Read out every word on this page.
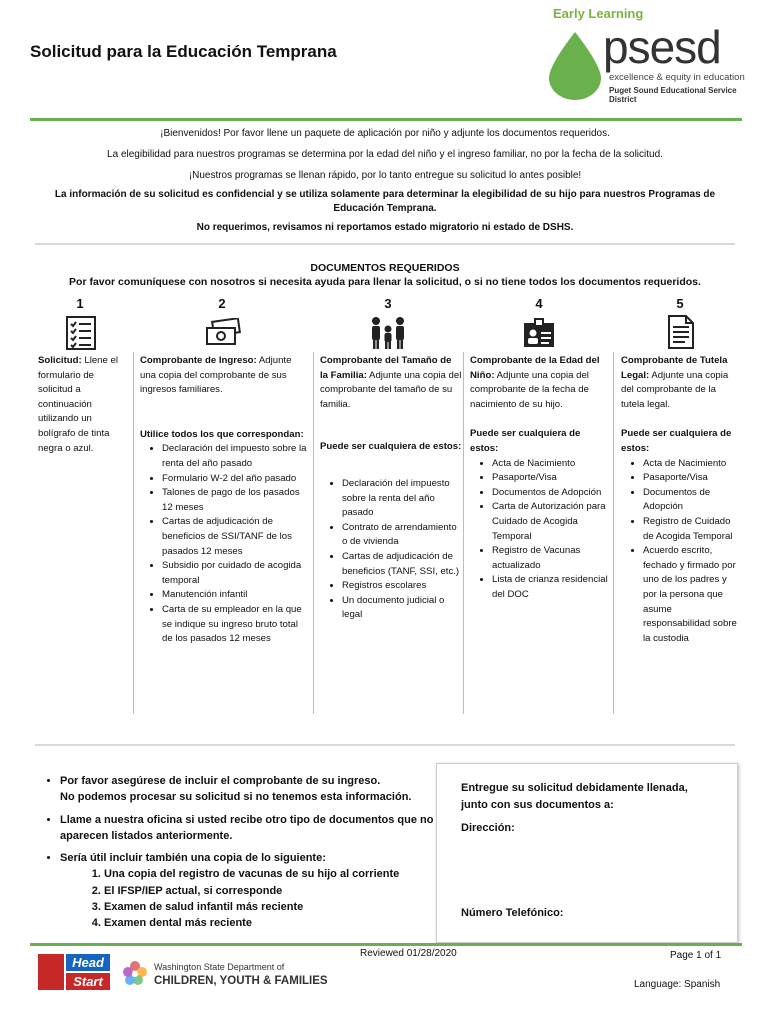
Solicitud para la Educación Temprana
Early Learning
psesd
excellence & equity in education
Puget Sound Educational Service District
¡Bienvenidos! Por favor llene un paquete de aplicación por niño y adjunte los documentos requeridos.
La elegibilidad para nuestros programas se determina por la edad del niño y el ingreso familiar, no por la fecha de la solicitud.
¡Nuestros programas se llenan rápido, por lo tanto entregue su solicitud lo antes posible!
La información de su solicitud es confidencial y se utiliza solamente para determinar la elegibilidad de su hijo para nuestros Programas de
Educación Temprana.
No requerimos, revisamos ni reportamos estado migratorio ni estado de DSHS.
DOCUMENTOS REQUERIDOS
Por favor comuníquese con nosotros si necesita ayuda para llenar la solicitud, o si no tiene todos los documentos requeridos.
1	2	3	4	5

Solicitud: Llene el formulario de solicitud a continuación utilizando un bolígrafo de tinta negra o azul.

Comprobante de Ingreso: Adjunte una copia del comprobante de sus ingresos familiares.

Utilice todos los que correspondan:

• Declaración del impuesto sobre la renta del año pasado
• Formulario W-2 del año pasado
• Talones de pago de los pasados 12 meses
• Cartas de adjudicación de beneficios de SSI/TANF de los pasados 12 meses
• Subsidio por cuidado de acogida temporal
• Manutención infantil
• Carta de su empleador en la que se indique su ingreso bruto total de los pasados 12 meses

Comprobante del Tamaño de la Familia: Adjunte una copia del comprobante del tamaño de su familia.

Puede ser cualquiera de estos:

• Declaración del impuesto sobre la renta del año pasado
• Contrato de arrendamiento o de vivienda
• Cartas de adjudicación de beneficios (TANF, SSI, etc.)
• Registros escolares
• Un documento judicial o legal

Comprobante de la Edad del Niño: Adjunte una copia del comprobante de la fecha de nacimiento de su hijo.

Puede ser cualquiera de estos:

• Acta de Nacimiento
• Pasaporte/Visa
• Documentos de Adopción
• Carta de Autorización para Cuidado de Acogida Temporal
• Registro de Vacunas actualizado
• Lista de crianza residencial del DOC

Comprobante de Tutela Legal: Adjunte una copia del comprobante de la tutela legal.

Puede ser cualquiera de estos:

• Acta de Nacimiento
• Pasaporte/Visa
• Documentos de Adopción
• Registro de Cuidado de Acogida Temporal
• Acuerdo escrito, fechado y firmado por uno de los padres y por la persona que asume responsabilidad sobre la custodia
• Por favor asegúrese de incluir el comprobante de su ingreso.
No podemos procesar su solicitud si no tenemos esta información.
• Llame a nuestra oficina si usted recibe otro tipo de documentos que no aparecen listados anteriormente.
• Sería útil incluir también una copia de lo siguiente:
1. Una copia del registro de vacunas de su hijo al corriente
2. El IFSP/IEP actual, si corresponde
3. Examen de salud infantil más reciente
4. Examen dental más reciente
Entregue su solicitud debidamente llenada,
junto con sus documentos a:
Dirección:
Número Telefónico:
Reviewed 01/28/2020	Page 1 of 1
Language: Spanish
Head
Start
Washington State Department of
CHILDREN, YOUTH & FAMILIES
